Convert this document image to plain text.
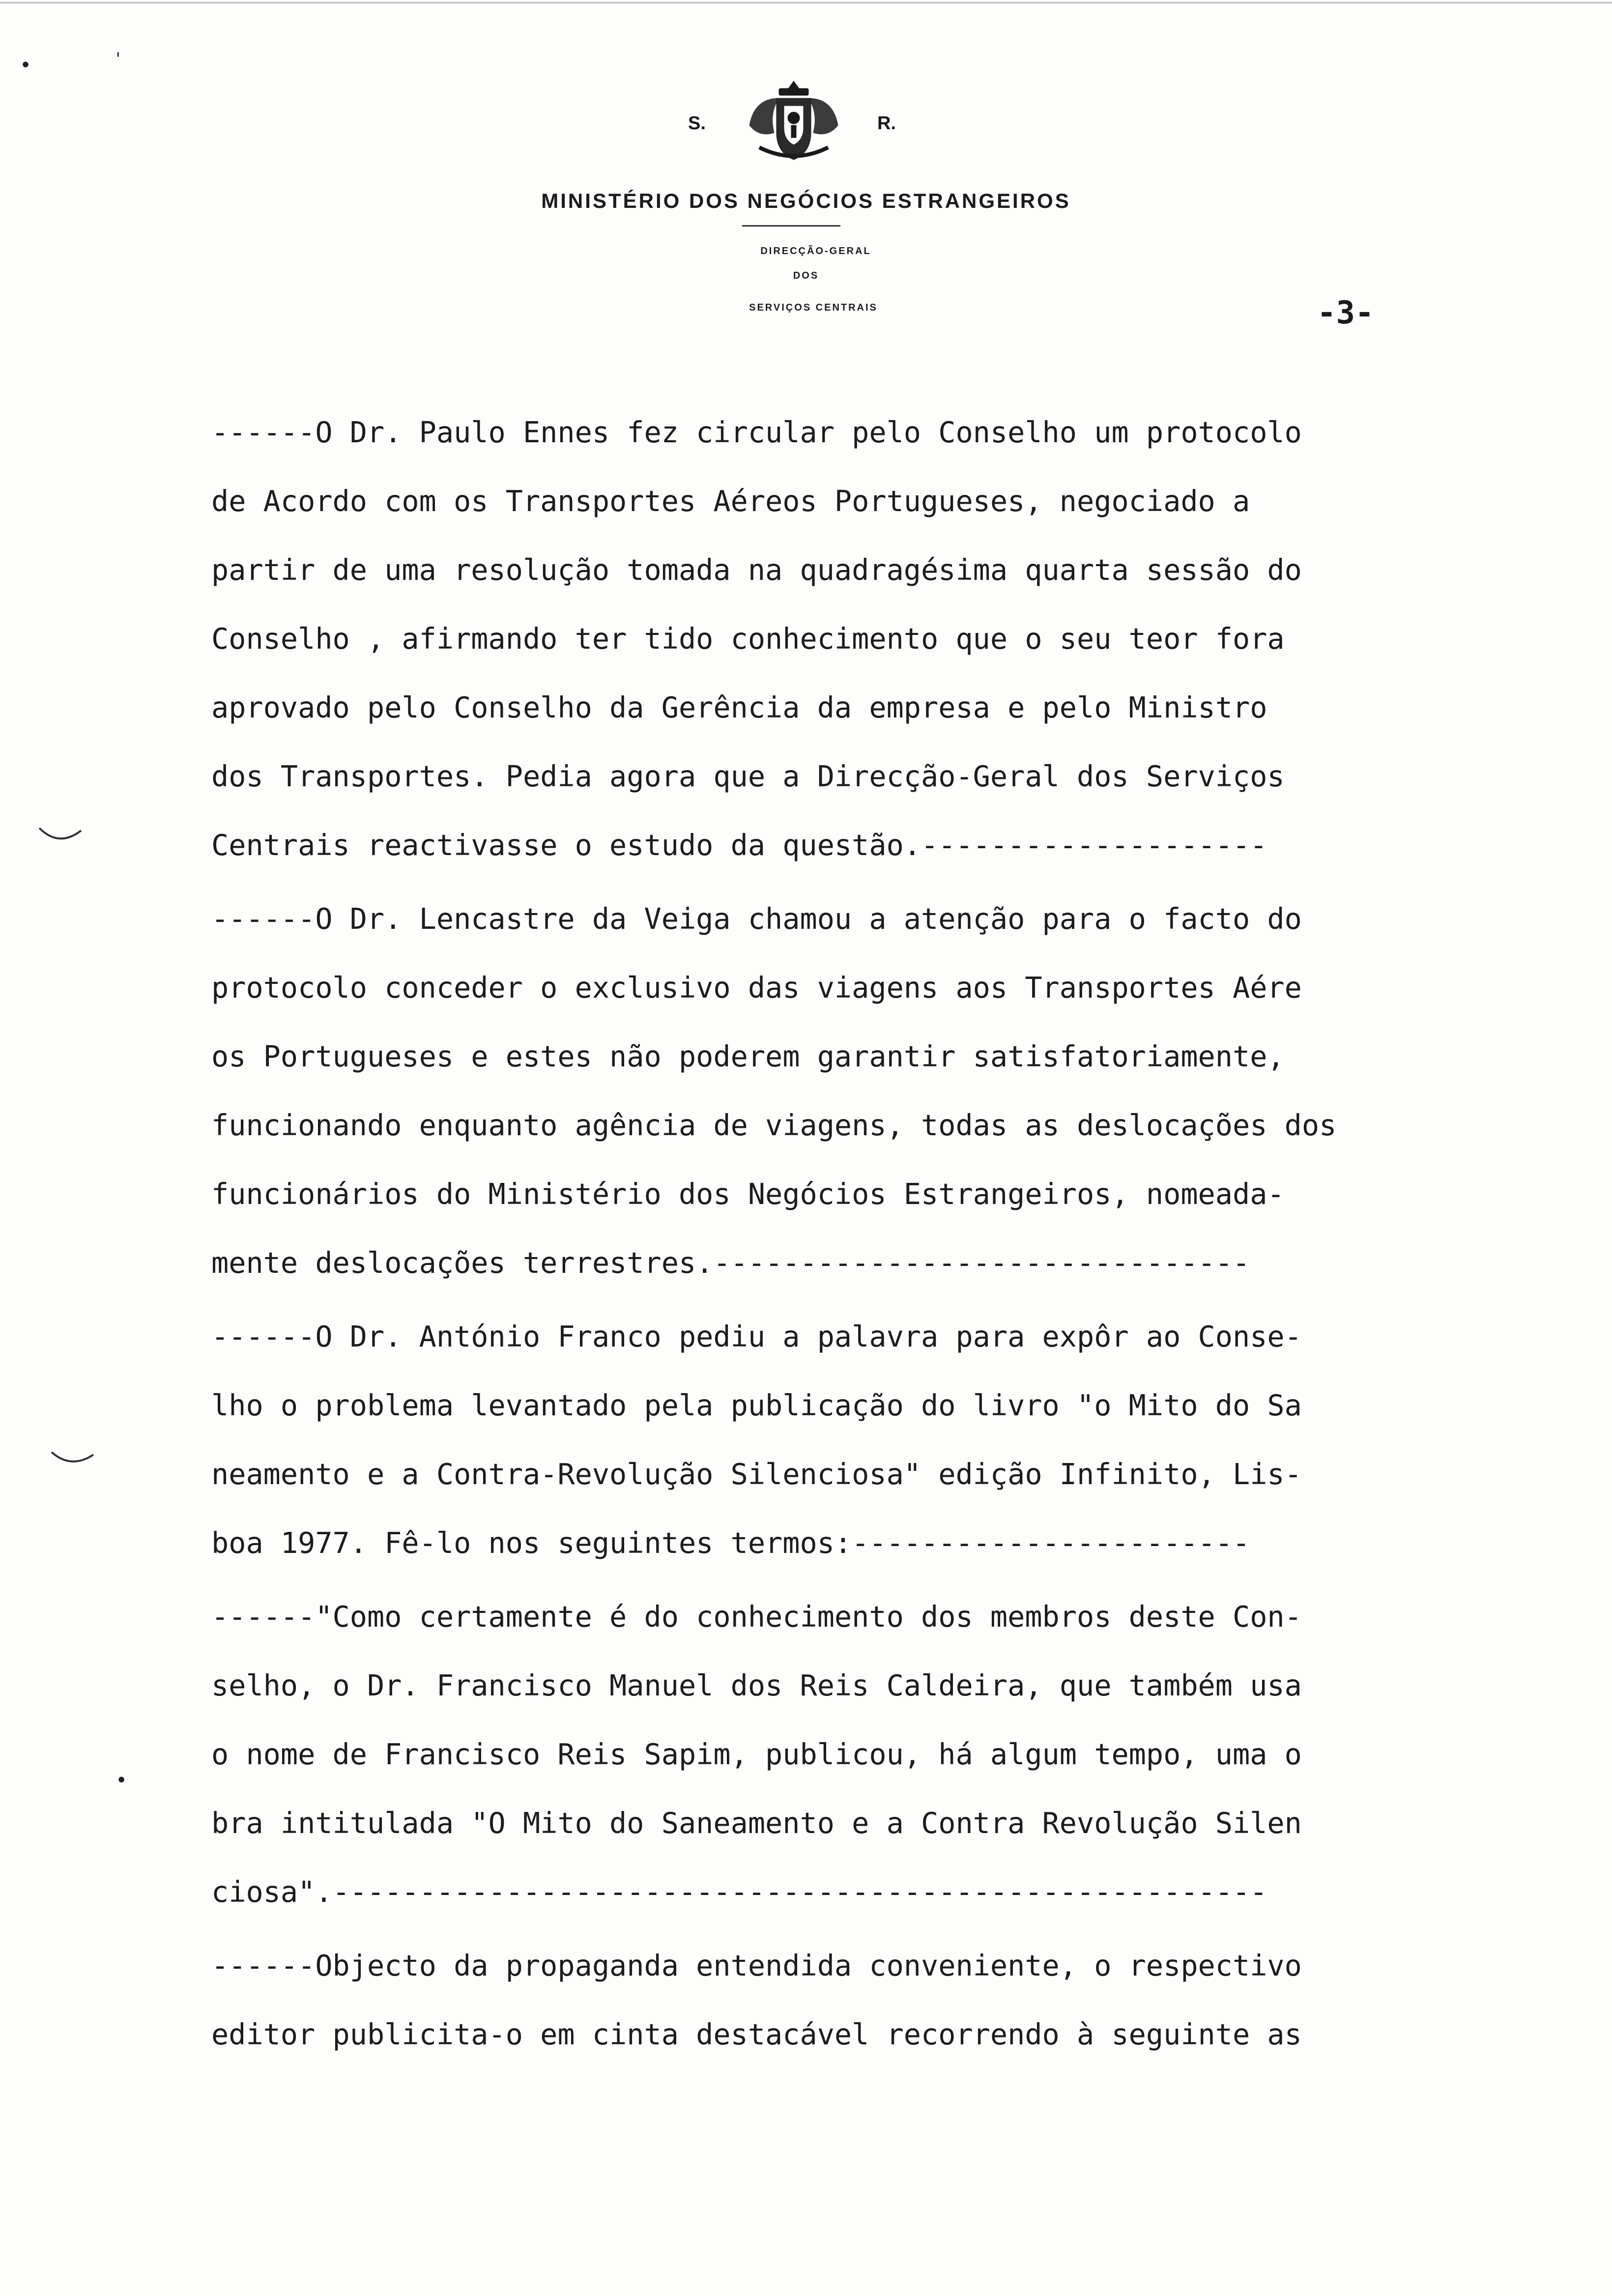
•	'
•
S.	R.
MINISTÉRIO DOS NEGÓCIOS ESTRANGEIROS
DIRECÇÃO-GERAL
DOS
SERVIÇOS CENTRAIS	-3-
------O Dr. Paulo Ennes fez circular pelo Conselho um protocolo
de Acordo com os Transportes Aéreos Portugueses, negociado a
partir de uma resolução tomada na quadragésima quarta sessão do
Conselho , afirmando ter tido conhecimento que o seu teor fora
aprovado pelo Conselho da Gerência da empresa e pelo Ministro
dos Transportes. Pedia agora que a Direcção-Geral dos Serviços
Centrais reactivasse o estudo da questão.--------------------
------O Dr. Lencastre da Veiga chamou a atenção para o facto do
protocolo conceder o exclusivo das viagens aos Transportes Aére
os Portugueses e estes não poderem garantir satisfatoriamente,
funcionando enquanto agência de viagens, todas as deslocações dos
funcionários do Ministério dos Negócios Estrangeiros, nomeada-
mente deslocações terrestres.-------------------------------
------O Dr. António Franco pediu a palavra para expôr ao Conse-
lho o problema levantado pela publicação do livro "o Mito do Sa
neamento e a Contra-Revolução Silenciosa" edição Infinito, Lis-
boa 1977. Fê-lo nos seguintes termos:-----------------------
------"Como certamente é do conhecimento dos membros deste Con-
selho, o Dr. Francisco Manuel dos Reis Caldeira, que também usa
o nome de Francisco Reis Sapim, publicou, há algum tempo, uma o
bra intitulada "O Mito do Saneamento e a Contra Revolução Silen
ciosa".------------------------------------------------------
------Objecto da propaganda entendida conveniente, o respectivo
editor publicita-o em cinta destacável recorrendo à seguinte as
